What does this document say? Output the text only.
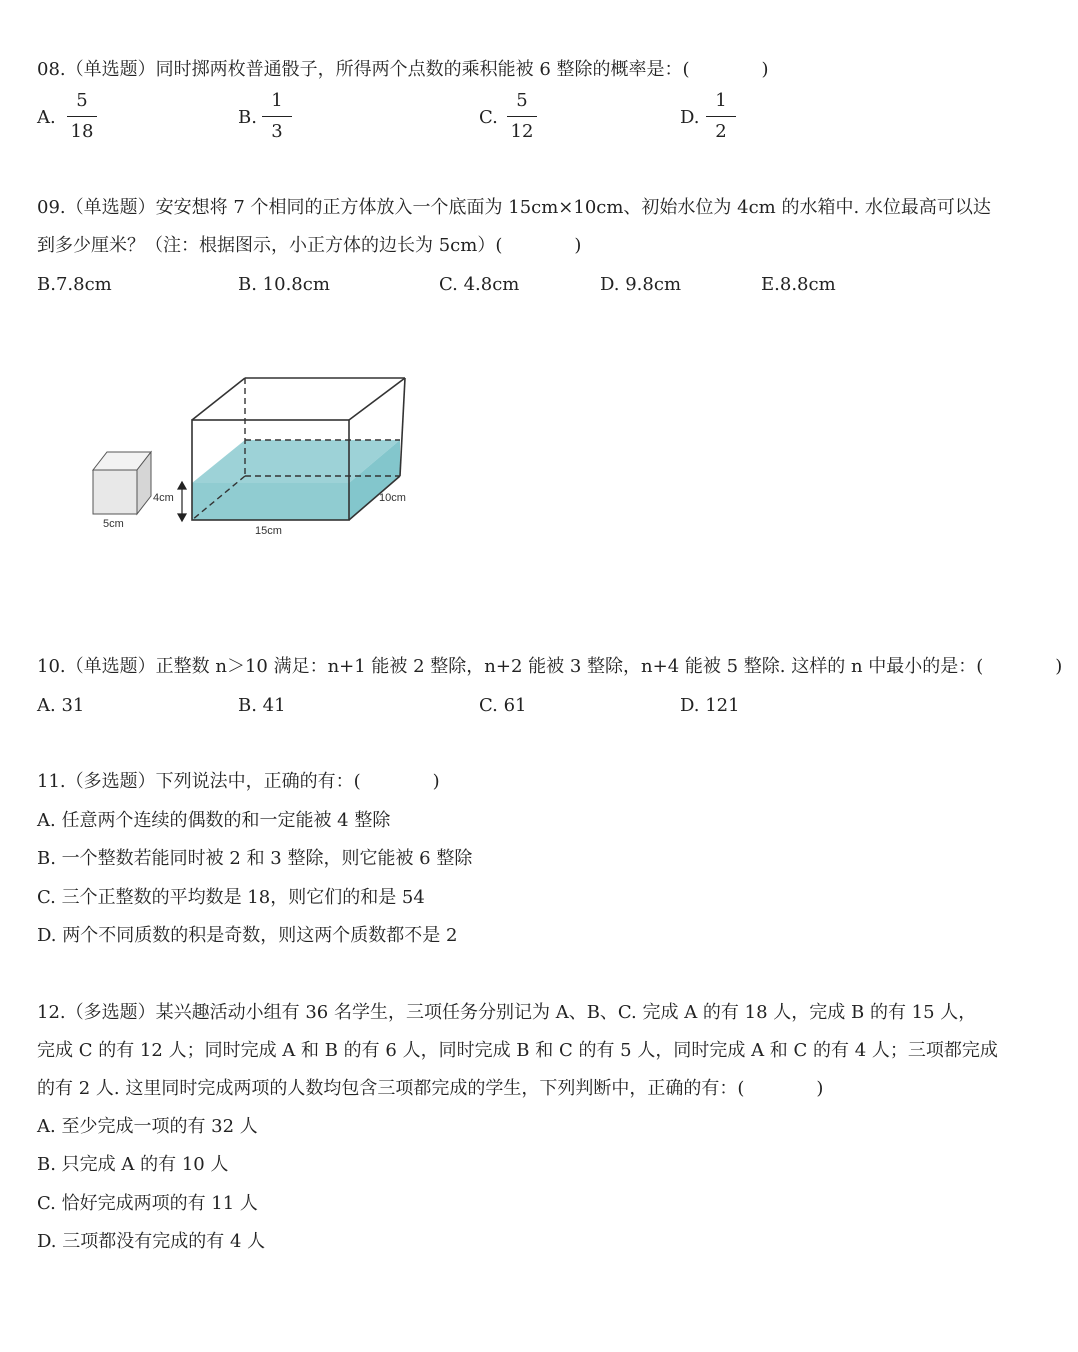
08.（单选题）同时掷两枚普通骰子，所得两个点数的乘积能被 6 整除的概率是：(　　　　)
A.
5
18
B.
1
3
C.
5
12
D.
1
2
09.（单选题）安安想将 7 个相同的正方体放入一个底面为 15cm×10cm、初始水位为 4cm 的水箱中. 水位最高可以达
到多少厘米？（注：根据图示，小正方体的边长为 5cm）(　　　　)
B.7.8cm	B. 10.8cm	C. 4.8cm	D. 9.8cm	E.8.8cm
5cm
4cm
15cm
10cm
10.（单选题）正整数 n＞10 满足：n+1 能被 2 整除，n+2 能被 3 整除，n+4 能被 5 整除. 这样的 n 中最小的是：(　　　　)
A. 31	B. 41	C. 61	D. 121
11.（多选题）下列说法中，正确的有：(　　　　)
A. 任意两个连续的偶数的和一定能被 4 整除
B. 一个整数若能同时被 2 和 3 整除，则它能被 6 整除
C. 三个正整数的平均数是 18，则它们的和是 54
D. 两个不同质数的积是奇数，则这两个质数都不是 2
12.（多选题）某兴趣活动小组有 36 名学生，三项任务分别记为 A、B、C. 完成 A 的有 18 人，完成 B 的有 15 人，
完成 C 的有 12 人；同时完成 A 和 B 的有 6 人，同时完成 B 和 C 的有 5 人，同时完成 A 和 C 的有 4 人；三项都完成
的有 2 人. 这里同时完成两项的人数均包含三项都完成的学生，下列判断中，正确的有：(　　　　)
A. 至少完成一项的有 32 人
B. 只完成 A 的有 10 人
C. 恰好完成两项的有 11 人
D. 三项都没有完成的有 4 人
